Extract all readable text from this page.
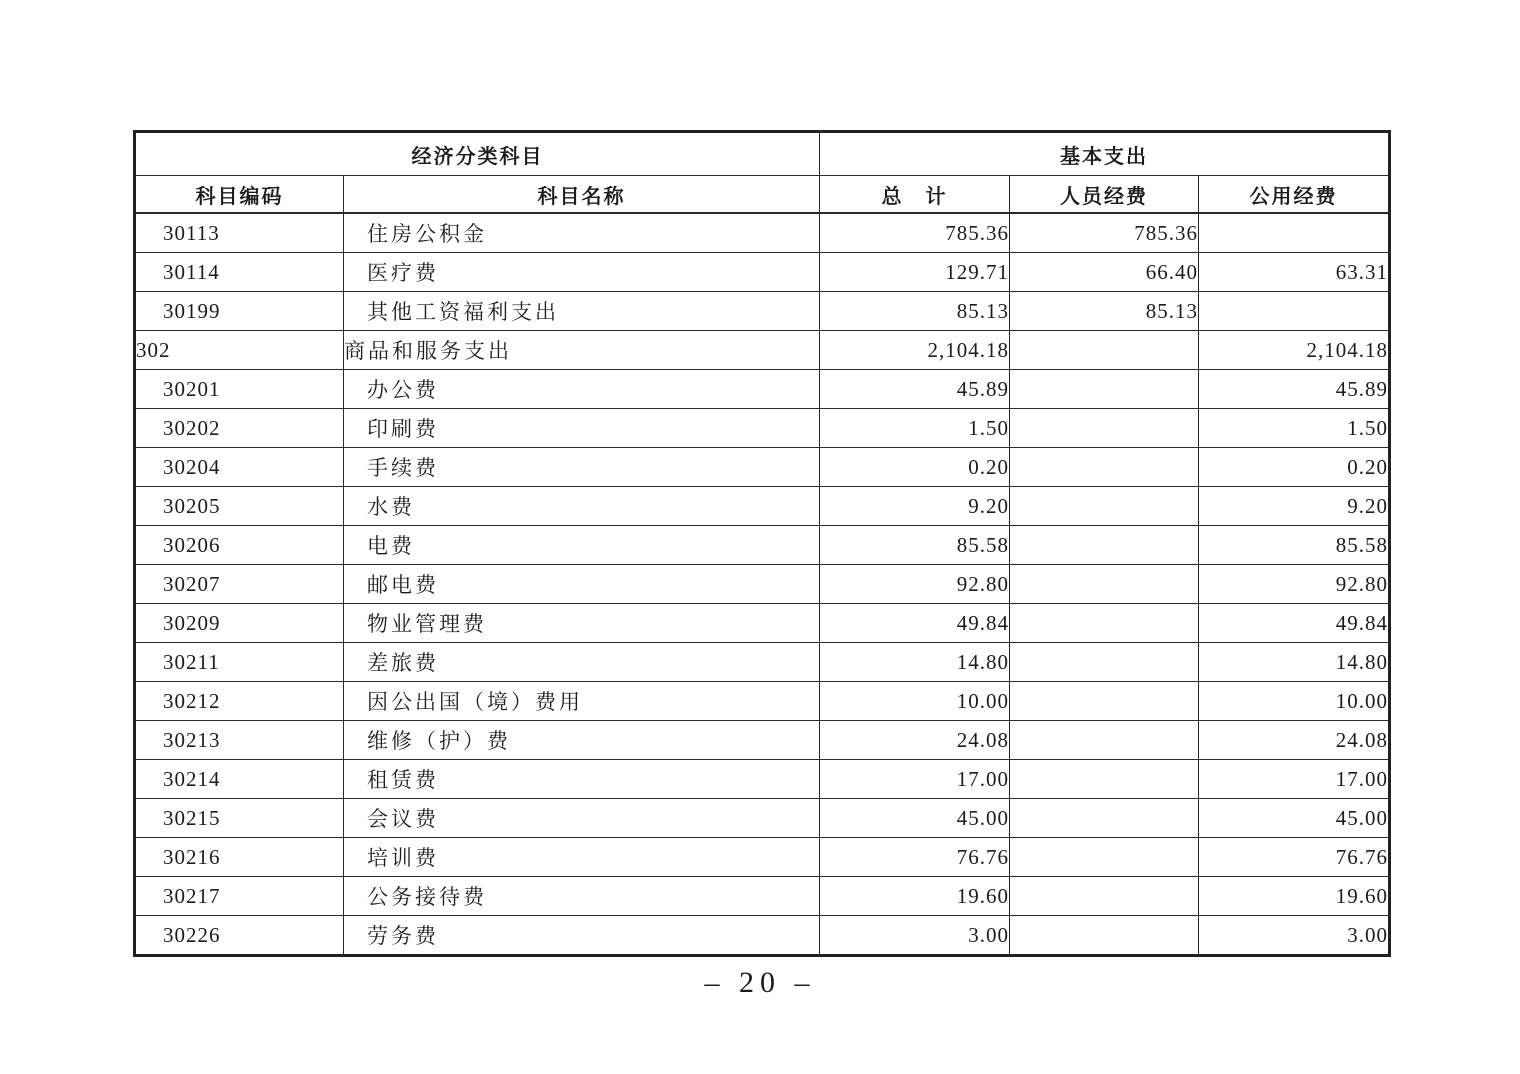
经济分类科目		基本支出		
科目编码	科目名称	总　计	人员经费	公用经费
30113	住房公积金	785.36	785.36	
30114	医疗费	129.71	66.40	63.31
30199	其他工资福利支出	85.13	85.13	
302	商品和服务支出	2,104.18		2,104.18
30201	办公费	45.89		45.89
30202	印刷费	1.50		1.50
30204	手续费	0.20		0.20
30205	水费	9.20		9.20
30206	电费	85.58		85.58
30207	邮电费	92.80		92.80
30209	物业管理费	49.84		49.84
30211	差旅费	14.80		14.80
30212	因公出国（境）费用	10.00		10.00
30213	维修（护）费	24.08		24.08
30214	租赁费	17.00		17.00
30215	会议费	45.00		45.00
30216	培训费	76.76		76.76
30217	公务接待费	19.60		19.60
30226	劳务费	3.00		3.00
– 20 –
